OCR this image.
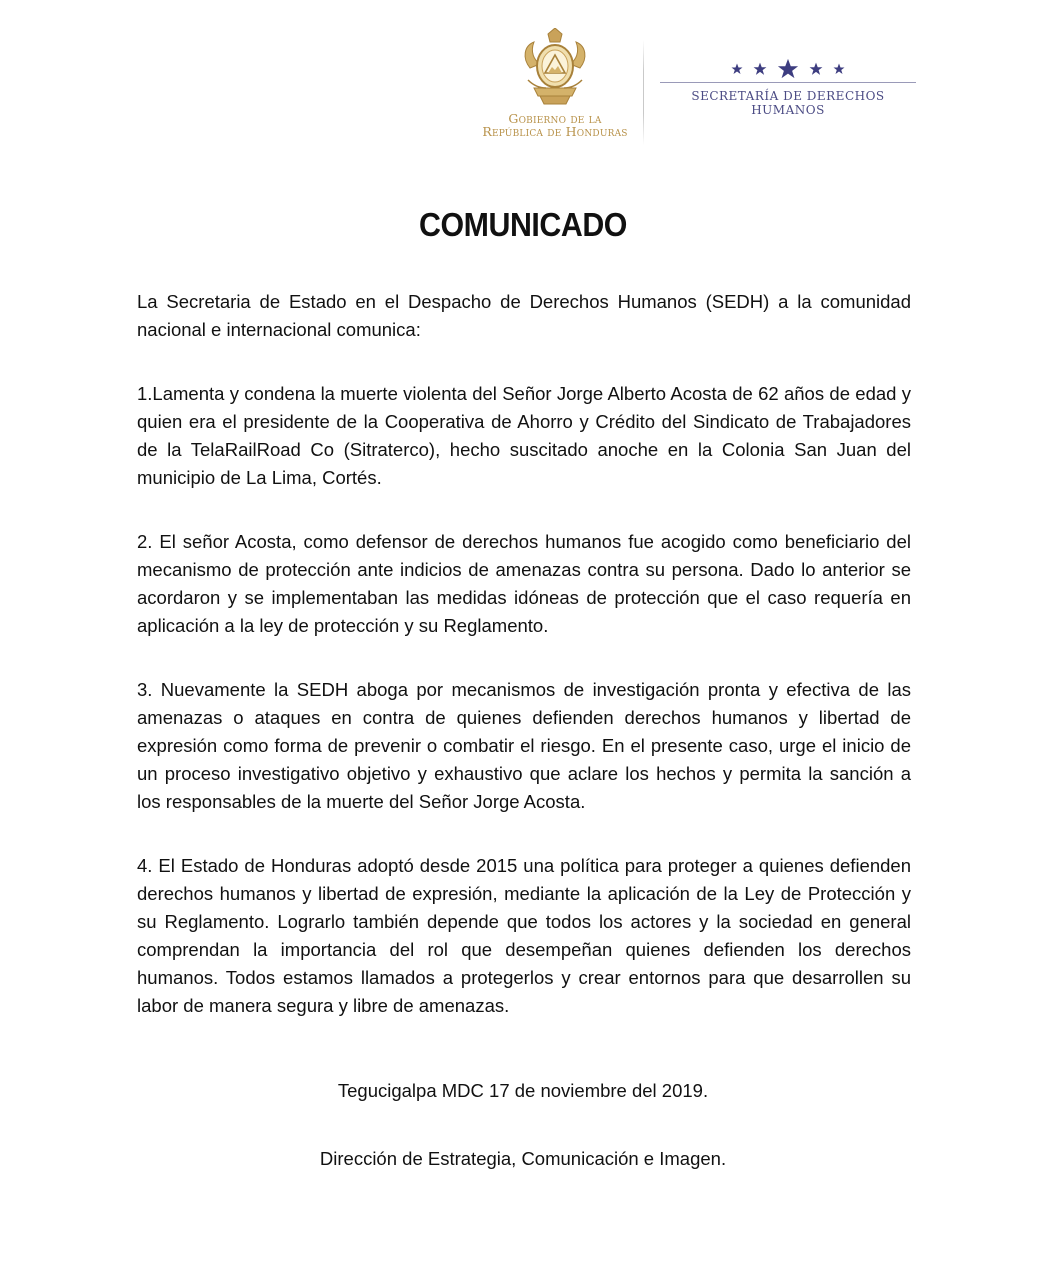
Gobierno de la
República de Honduras
SECRETARÍA DE DERECHOS HUMANOS
COMUNICADO

La Secretaria de Estado en el Despacho de Derechos Humanos (SEDH) a la comunidad nacional e internacional comunica:

1.Lamenta y condena la muerte violenta del Señor Jorge Alberto Acosta de 62 años de edad y quien era el presidente de la Cooperativa de Ahorro y Crédito del Sindicato de Trabajadores de la TelaRailRoad Co (Sitraterco), hecho suscitado anoche en la Colonia San Juan del municipio de La Lima, Cortés.

2. El señor Acosta, como defensor de derechos humanos fue acogido como beneficiario del mecanismo de protección ante indicios de amenazas contra su persona. Dado lo anterior se acordaron y se implementaban las medidas idóneas de protección que el caso requería en aplicación a la ley de protección y su Reglamento.

3. Nuevamente la SEDH aboga por mecanismos de investigación pronta y efectiva de las amenazas o ataques en contra de quienes defienden derechos humanos y libertad de expresión como forma de prevenir o combatir el riesgo. En el presente caso, urge el inicio de un proceso investigativo objetivo y exhaustivo que aclare los hechos y permita la sanción a los responsables de la muerte del Señor Jorge Acosta.

4. El Estado de Honduras adoptó desde 2015 una política para proteger a quienes defienden derechos humanos y libertad de expresión, mediante la aplicación de la Ley de Protección y su Reglamento. Lograrlo también depende que todos los actores y la sociedad en general comprendan la importancia del rol que desempeñan quienes defienden los derechos humanos. Todos estamos llamados a protegerlos y crear entornos para que desarrollen su labor de manera segura y libre de amenazas.

Tegucigalpa MDC 17 de noviembre del 2019.
Dirección de Estrategia, Comunicación e Imagen.
